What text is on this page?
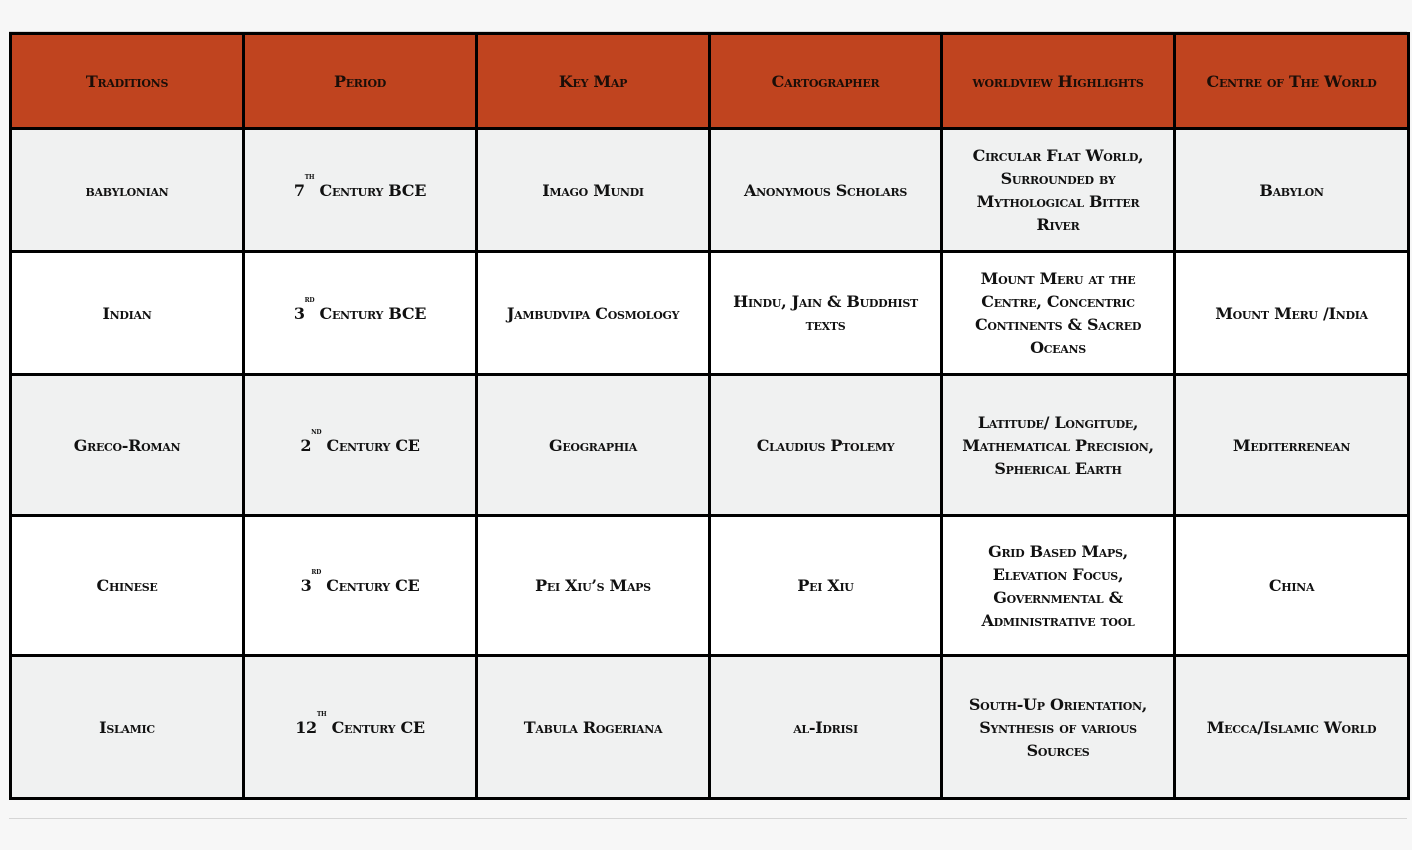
Traditions	Period	Key Map	Cartographer	worldview Highlights	Centre of The World
babylonian	7th Century BCE	Imago Mundi	Anonymous Scholars	Circular Flat World, Surrounded by Mythological Bitter River	Babylon
Indian	3rd Century BCE	Jambudvipa Cosmology	Hindu, Jain & Buddhist texts	Mount Meru at the Centre, Concentric Continents & Sacred Oceans	Mount Meru /India
Greco-Roman	2nd Century CE	Geographia	Claudius Ptolemy	Latitude/ Longitude, Mathematical Precision, Spherical Earth	Mediterrenean
Chinese	3rd Century CE	Pei Xiu’s Maps	Pei Xiu	Grid Based Maps, Elevation Focus, Governmental & Administrative tool	China
Islamic	12th Century CE	Tabula Rogeriana	al-Idrisi	South-Up Orientation, Synthesis of various Sources	Mecca/Islamic World
